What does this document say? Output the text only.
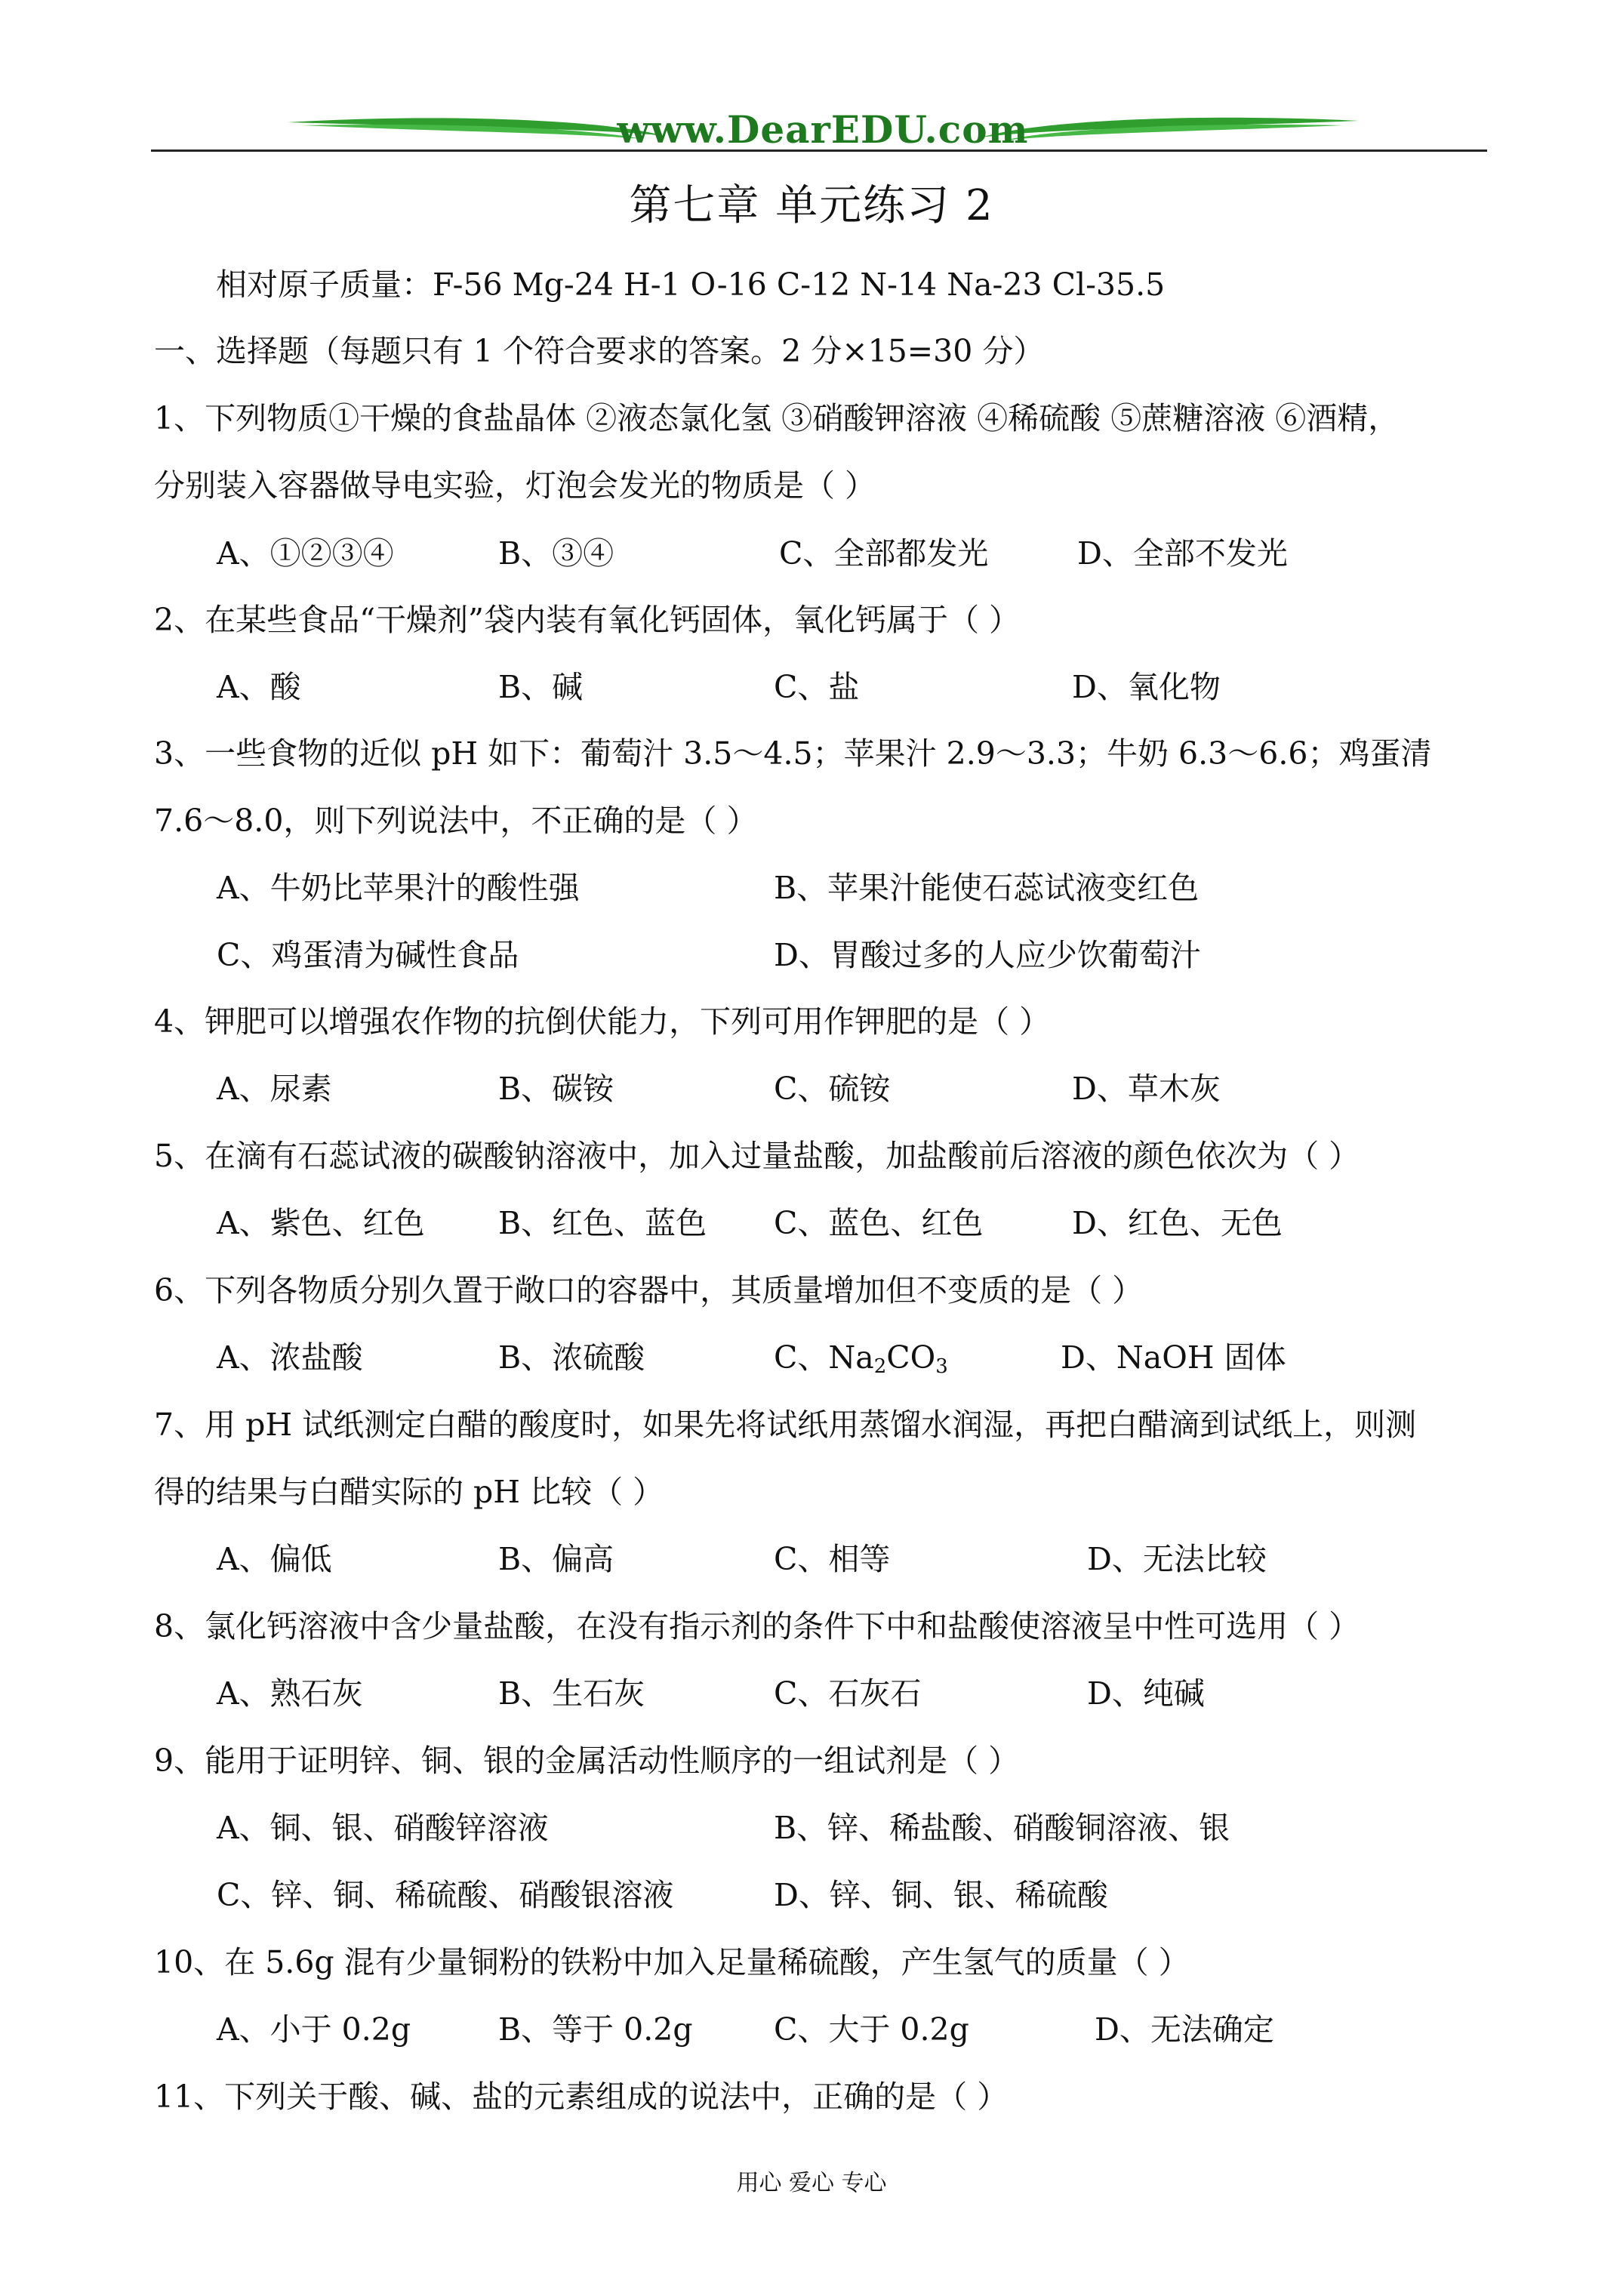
www.DearEDU.com
第七章 单元练习 2
相对原子质量：F-56 Mg-24 H-1 O-16 C-12 N-14 Na-23 Cl-35.5
一、选择题（每题只有 1 个符合要求的答案。2 分×15=30 分）
1、下列物质①干燥的食盐晶体 ②液态氯化氢 ③硝酸钾溶液 ④稀硫酸 ⑤蔗糖溶液 ⑥酒精，
分别装入容器做导电实验，灯泡会发光的物质是（ ）
A、①②③④	B、③④	C、全部都发光	D、全部不发光
2、在某些食品“干燥剂”袋内装有氧化钙固体，氧化钙属于（ ）
A、酸	B、碱	C、盐	D、氧化物
3、一些食物的近似 pH 如下：葡萄汁 3.5～4.5；苹果汁 2.9～3.3；牛奶 6.3～6.6；鸡蛋清
7.6～8.0，则下列说法中，不正确的是（ ）
A、牛奶比苹果汁的酸性强	B、苹果汁能使石蕊试液变红色
C、鸡蛋清为碱性食品	D、胃酸过多的人应少饮葡萄汁
4、钾肥可以增强农作物的抗倒伏能力，下列可用作钾肥的是（ ）
A、尿素	B、碳铵	C、硫铵	D、草木灰
5、在滴有石蕊试液的碳酸钠溶液中，加入过量盐酸，加盐酸前后溶液的颜色依次为（ ）
A、紫色、红色 B、红色、蓝色 C、蓝色、红色	D、红色、无色
6、下列各物质分别久置于敞口的容器中，其质量增加但不变质的是（ ）
A、浓盐酸	B、浓硫酸	C、$Na_2CO_3$	D、NaOH 固体
7、用 pH 试纸测定白醋的酸度时，如果先将试纸用蒸馏水润湿，再把白醋滴到试纸上，则测
得的结果与白醋实际的 pH 比较（ ）
A、偏低	B、偏高	C、相等	D、无法比较
8、氯化钙溶液中含少量盐酸，在没有指示剂的条件下中和盐酸使溶液呈中性可选用（ ）
A、熟石灰	B、生石灰	C、石灰石	D、纯碱
9、能用于证明锌、铜、银的金属活动性顺序的一组试剂是（ ）
A、铜、银、硝酸锌溶液	B、锌、稀盐酸、硝酸铜溶液、银
C、锌、铜、稀硫酸、硝酸银溶液	D、锌、铜、银、稀硫酸
10、在 5.6g 混有少量铜粉的铁粉中加入足量稀硫酸，产生氢气的质量（ ）
A、小于 0.2g	B、等于 0.2g	C、大于 0.2g	D、无法确定
11、下列关于酸、碱、盐的元素组成的说法中，正确的是（ ）
用心 爱心 专心
